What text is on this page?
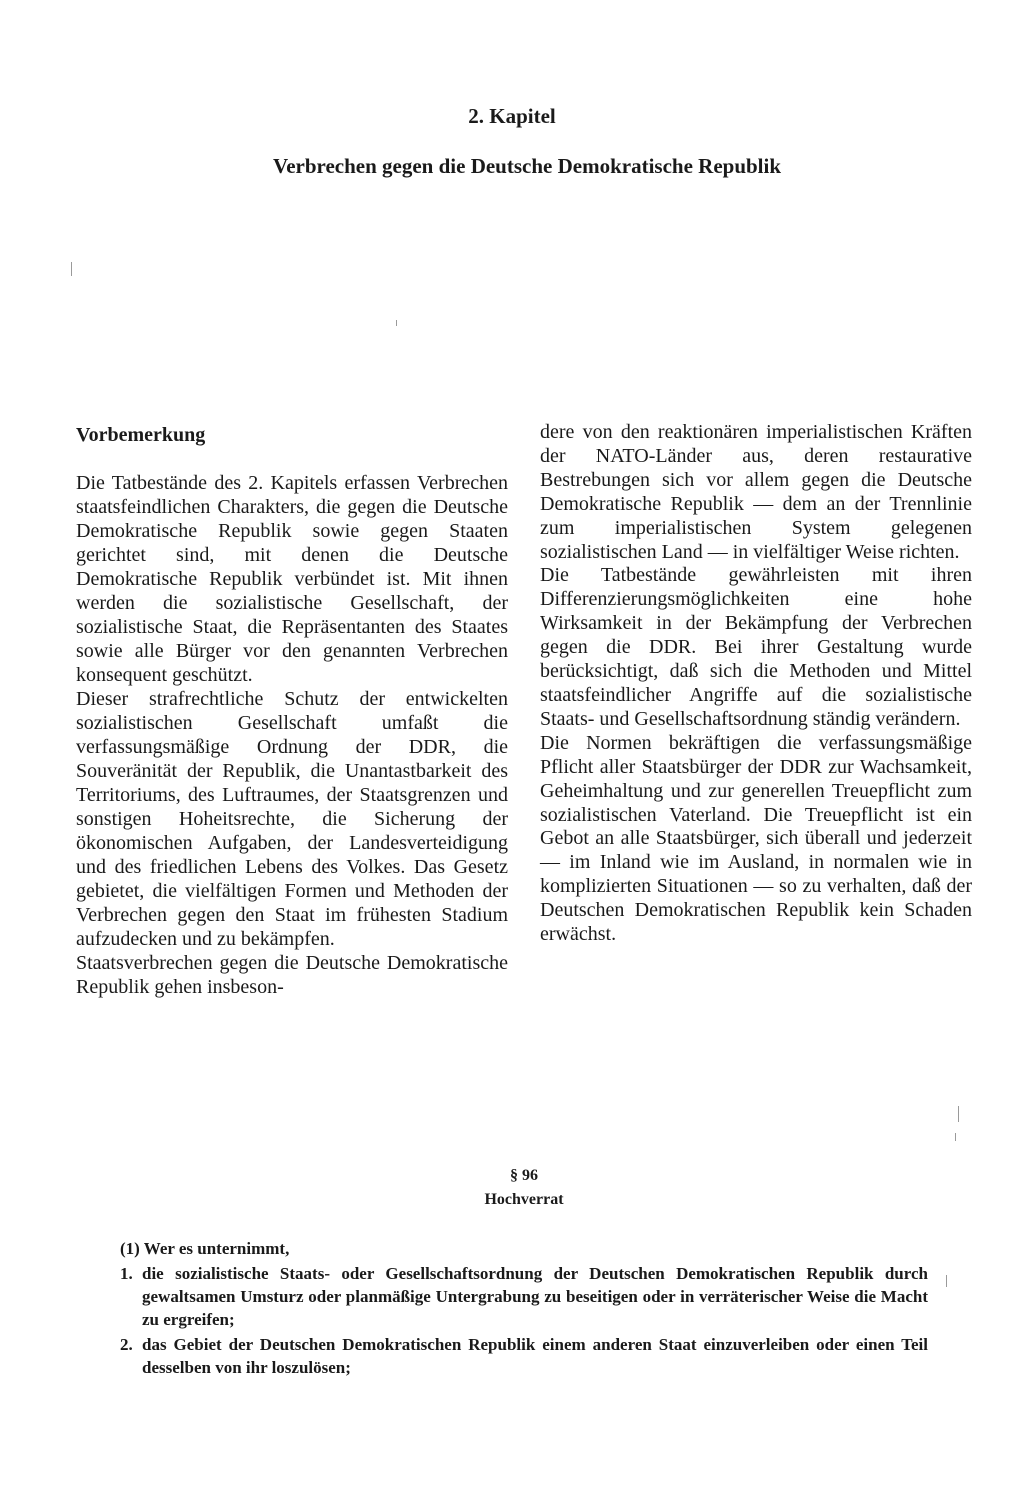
2. Kapitel
Verbrechen gegen die Deutsche Demokratische Republik
Vorbemerkung

Die Tatbestände des 2. Kapitels erfassen Verbrechen staatsfeindlichen Charakters, die gegen die Deutsche Demokratische Republik sowie gegen Staaten gerichtet sind, mit denen die Deutsche Demokratische Republik verbündet ist. Mit ihnen werden die sozialistische Gesellschaft, der sozialistische Staat, die Repräsentanten des Staates sowie alle Bürger vor den genannten Verbrechen konsequent geschützt.

Dieser strafrechtliche Schutz der entwickelten sozialistischen Gesellschaft umfaßt die verfassungsmäßige Ordnung der DDR, die Souveränität der Republik, die Unantastbarkeit des Territoriums, des Luftraumes, der Staatsgrenzen und sonstigen Hoheitsrechte, die Sicherung der ökonomischen Aufgaben, der Landesverteidigung und des friedlichen Lebens des Volkes. Das Gesetz gebietet, die vielfältigen Formen und Methoden der Verbrechen gegen den Staat im frühesten Stadium aufzudecken und zu bekämpfen.

Staatsverbrechen gegen die Deutsche Demokratische Republik gehen insbeson-

dere von den reaktionären imperialistischen Kräften der NATO-Länder aus, deren restaurative Bestrebungen sich vor allem gegen die Deutsche Demokratische Republik — dem an der Trennlinie zum imperialistischen System gelegenen sozialistischen Land — in vielfältiger Weise richten.

Die Tatbestände gewährleisten mit ihren Differenzierungsmöglichkeiten eine hohe Wirksamkeit in der Bekämpfung der Verbrechen gegen die DDR. Bei ihrer Gestaltung wurde berücksichtigt, daß sich die Methoden und Mittel staatsfeindlicher Angriffe auf die sozialistische Staats- und Gesellschaftsordnung ständig verändern.

Die Normen bekräftigen die verfassungsmäßige Pflicht aller Staatsbürger der DDR zur Wachsamkeit, Geheimhaltung und zur generellen Treuepflicht zum sozialistischen Vaterland. Die Treuepflicht ist ein Gebot an alle Staatsbürger, sich überall und jederzeit — im Inland wie im Ausland, in normalen wie in komplizierten Situationen — so zu verhalten, daß der Deutschen Demokratischen Republik kein Schaden erwächst.

§ 96
Hochverrat
(1) Wer es unternimmt,
1. die sozialistische Staats- oder Gesellschaftsordnung der Deutschen Demokratischen Republik durch gewaltsamen Umsturz oder planmäßige Untergrabung zu beseitigen oder in verräterischer Weise die Macht zu ergreifen;
2. das Gebiet der Deutschen Demokratischen Republik einem anderen Staat einzuverleiben oder einen Teil desselben von ihr loszulösen;
